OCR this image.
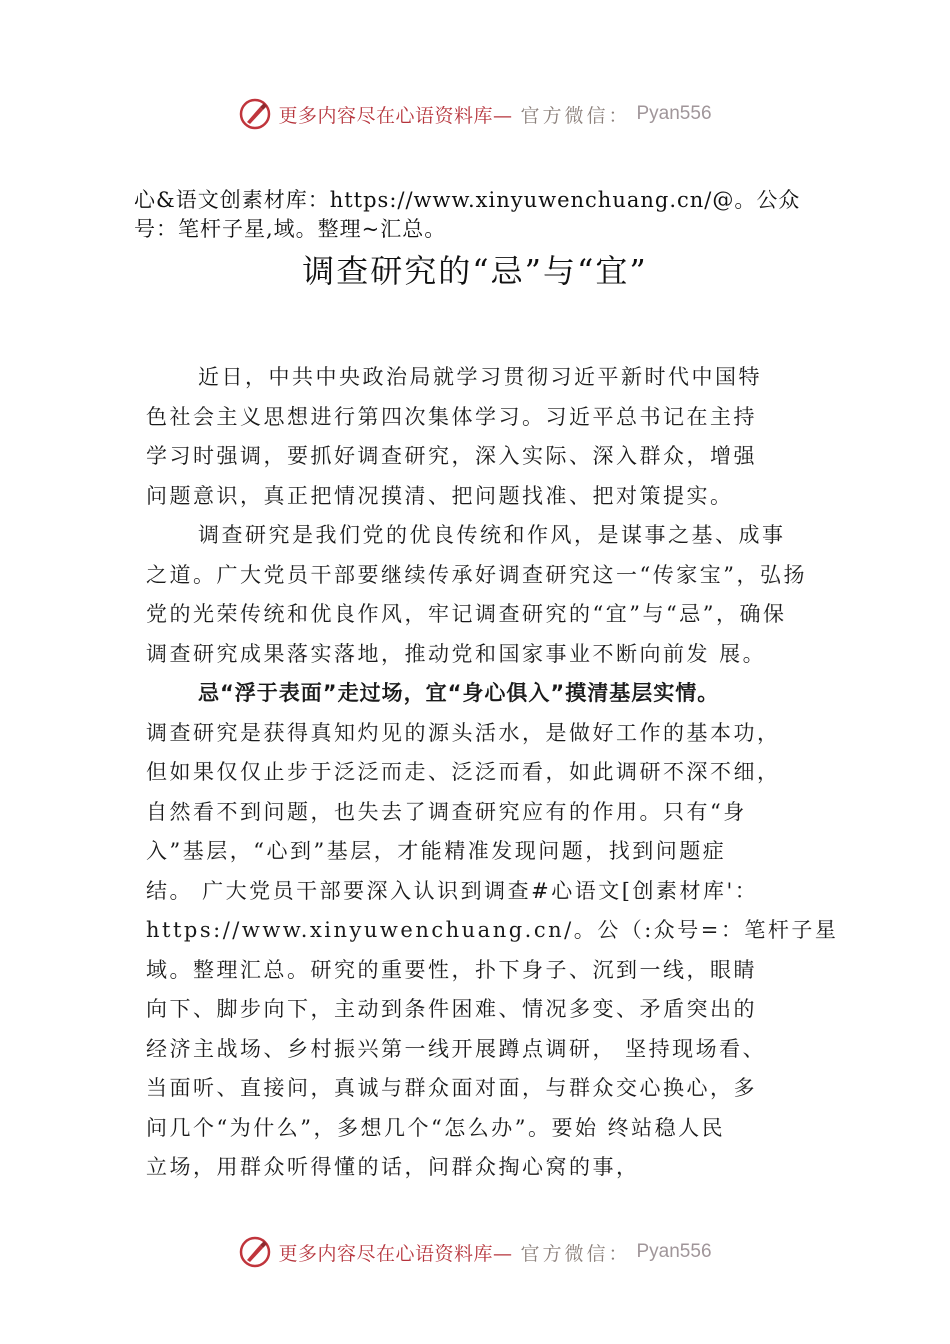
更多内容尽在心语资料库— 官方微信： Pyan556
心&语文创素材库：https://www.xinyuwenchuang.cn/@。公众号：笔杆子星,域。整理~汇总。
调查研究的“忌”与“宜”

近日，中共中央政治局就学习贯彻习近平新时代中国特
色社会主义思想进行第四次集体学习。习近平总书记在主持
学习时强调，要抓好调查研究，深入实际、深入群众，增强
问题意识，真正把情况摸清、把问题找准、把对策提实。

调查研究是我们党的优良传统和作风，是谋事之基、成事
之道。广大党员干部要继续传承好调查研究这一“传家宝”，弘扬
党的光荣传统和优良作风，牢记调查研究的“宜”与“忌”，确保
调查研究成果落实落地，推动党和国家事业不断向前发 展。

忌“浮于表面”走过场，宜“身心俱入”摸清基层实情。

调查研究是获得真知灼见的源头活水，是做好工作的基本功，
但如果仅仅止步于泛泛而走、泛泛而看，如此调研不深不细，
自然看不到问题，也失去了调查研究应有的作用。只有“身
入”基层，“心到”基层，才能精准发现问题，找到问题症
结。 广大党员干部要深入认识到调查#心语文[创素材库'：
https://www.xinyuwenchuang.cn/。公（:众号=：笔杆子星
域。整理汇总。研究的重要性，扑下身子、沉到一线，眼睛
向下、脚步向下，主动到条件困难、情况多变、矛盾突出的
经济主战场、乡村振兴第一线开展蹲点调研， 坚持现场看、
当面听、直接问，真诚与群众面对面，与群众交心换心，多
问几个“为什么”，多想几个“怎么办”。要始 终站稳人民
立场，用群众听得懂的话，问群众掏心窝的事，

更多内容尽在心语资料库— 官方微信： Pyan556
